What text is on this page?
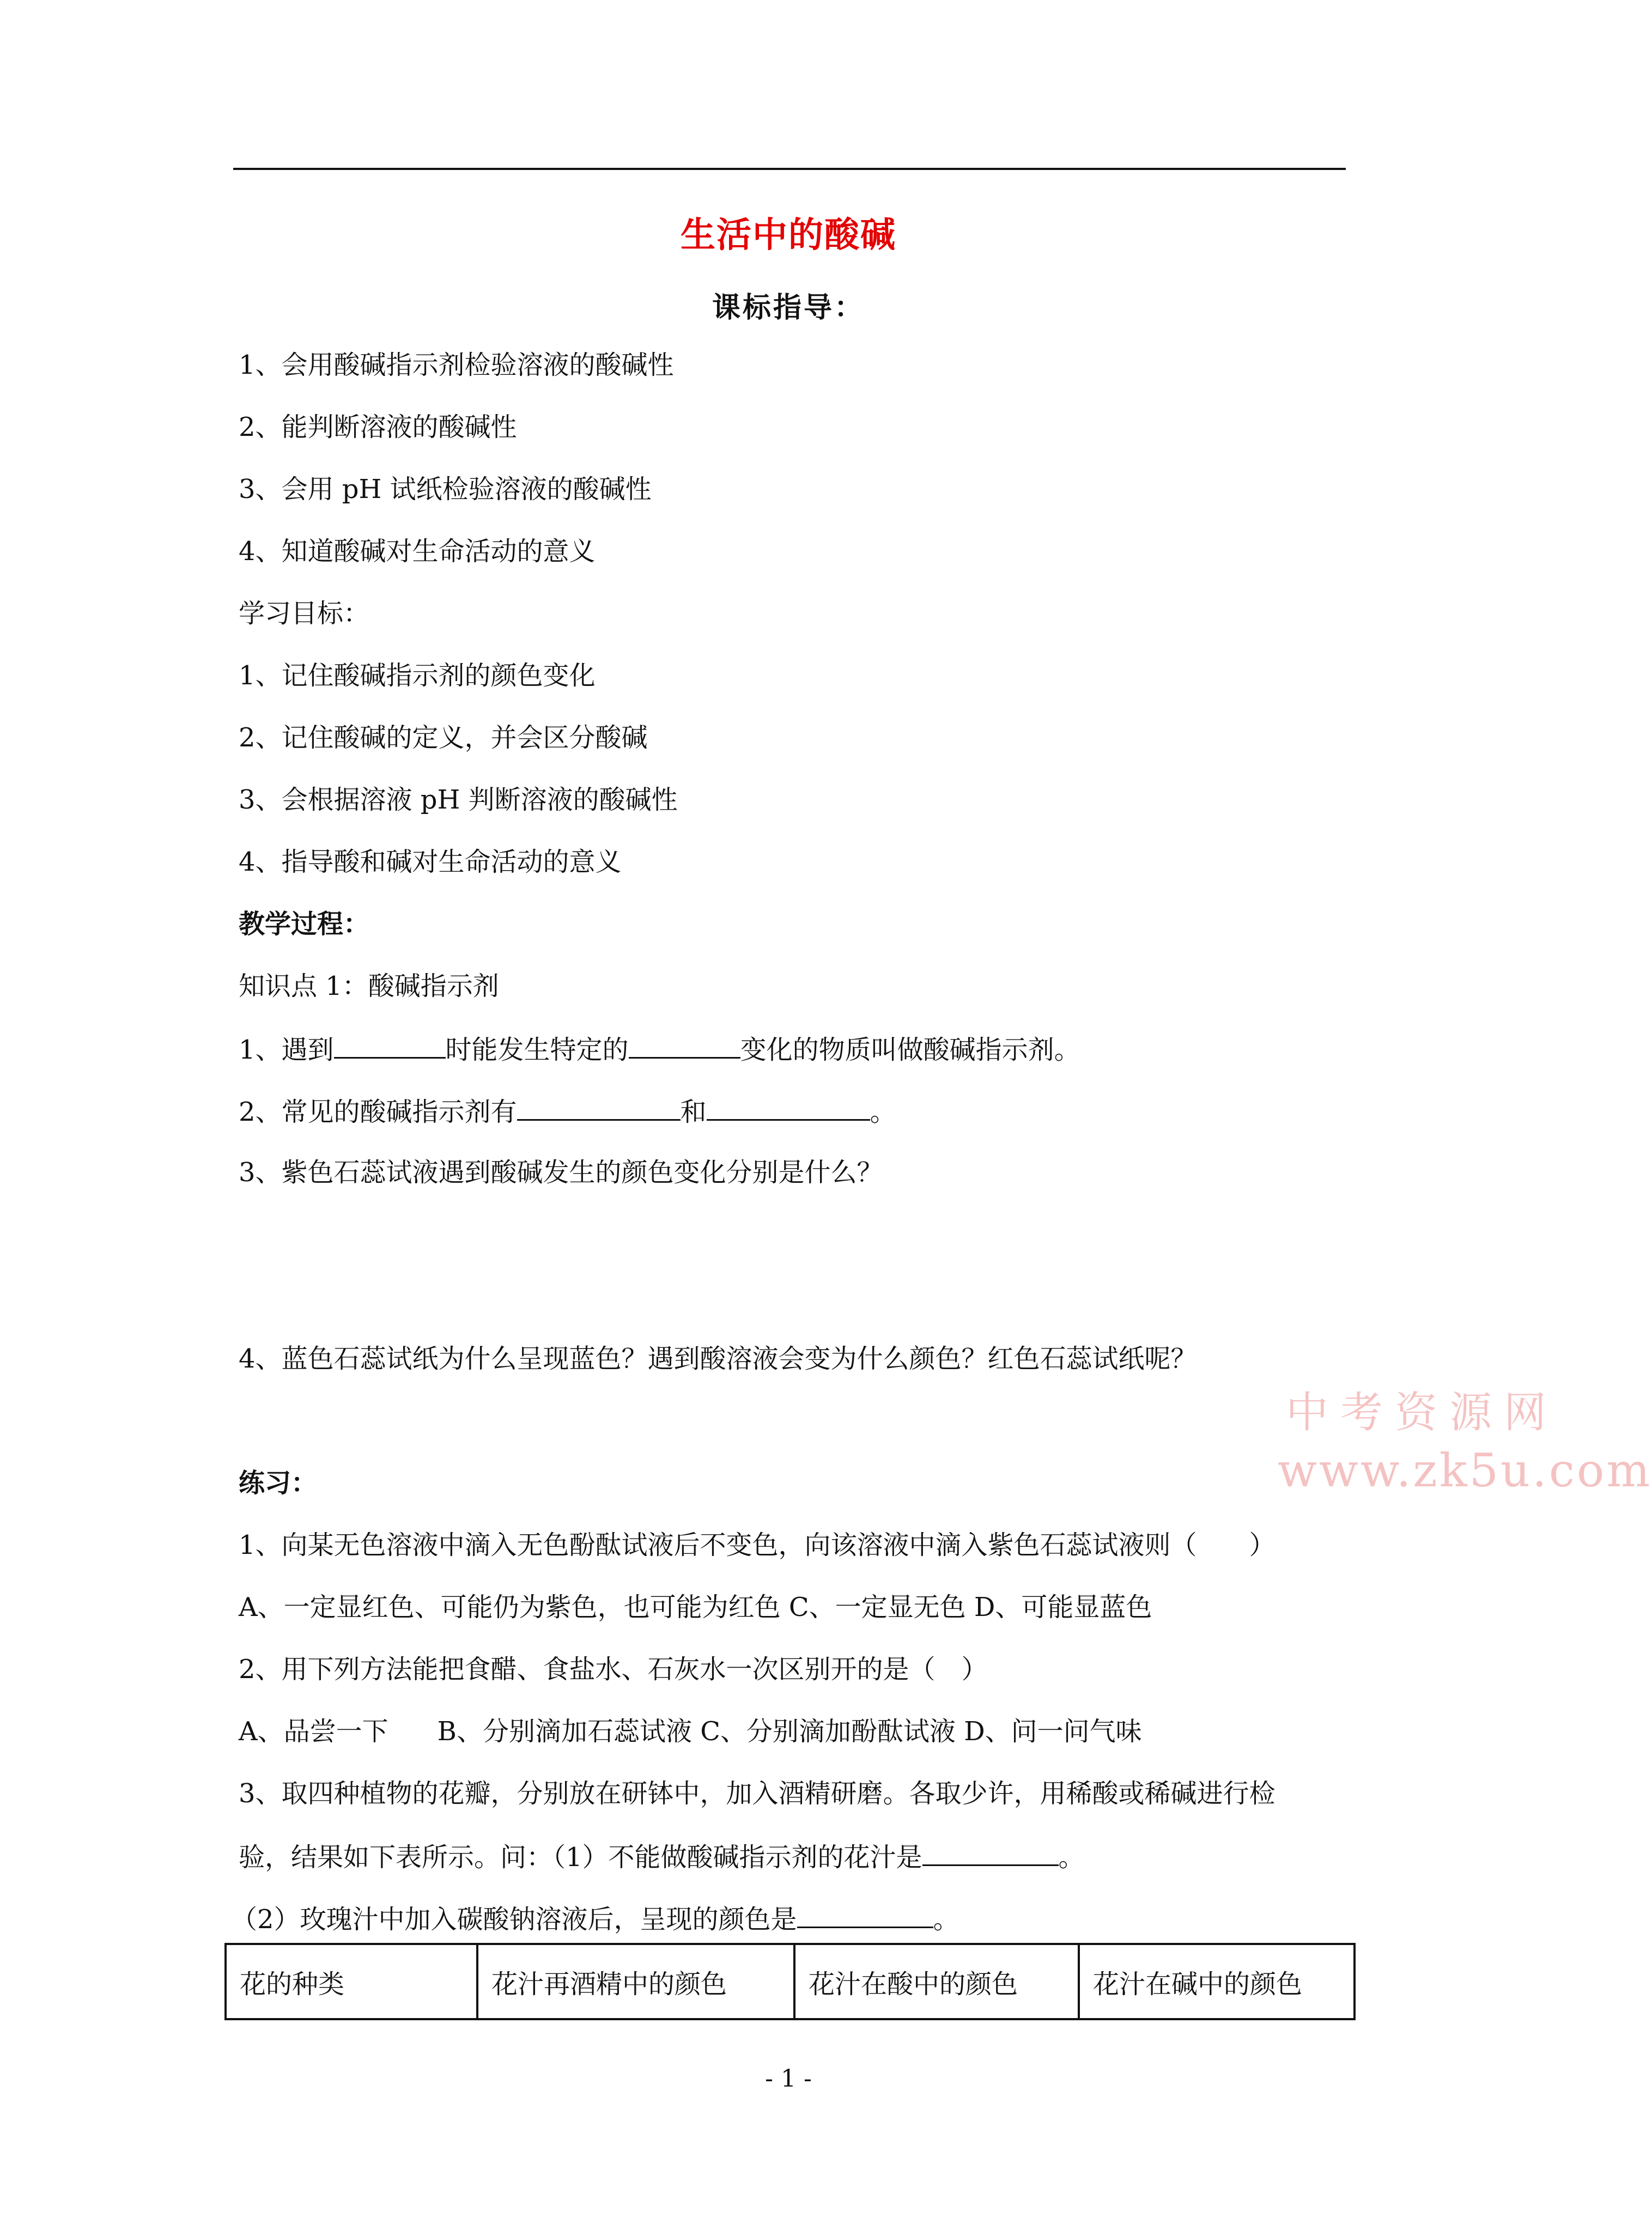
生活中的酸碱
课标指导：
1、会用酸碱指示剂检验溶液的酸碱性
2、能判断溶液的酸碱性
3、会用 pH 试纸检验溶液的酸碱性
4、知道酸碱对生命活动的意义
学习目标：
1、记住酸碱指示剂的颜色变化
2、记住酸碱的定义，并会区分酸碱
3、会根据溶液 pH 判断溶液的酸碱性
4、指导酸和碱对生命活动的意义
教学过程：
知识点 1：酸碱指示剂
1、遇到	时能发生特定的	变化的物质叫做酸碱指示剂。
2、常见的酸碱指示剂有	和	。
3、紫色石蕊试液遇到酸碱发生的颜色变化分别是什么？
4、蓝色石蕊试纸为什么呈现蓝色？遇到酸溶液会变为什么颜色？红色石蕊试纸呢？
中考资源网
www.zk5u.com
练习：
1、向某无色溶液中滴入无色酚酞试液后不变色，向该溶液中滴入紫色石蕊试液则（　　）
A、一定显红色、可能仍为紫色，也可能为红色 C、一定显无色 D、可能显蓝色
2、用下列方法能把食醋、食盐水、石灰水一次区别开的是（　）
A、品尝一下 B、分别滴加石蕊试液 C、分别滴加酚酞试液 D、问一问气味
3、取四种植物的花瓣，分别放在研钵中，加入酒精研磨。各取少许，用稀酸或稀碱进行检
验，结果如下表所示。问：（1）不能做酸碱指示剂的花汁是	。
（2）玫瑰汁中加入碳酸钠溶液后，呈现的颜色是	。
花的种类	花汁再酒精中的颜色	花汁在酸中的颜色	花汁在碱中的颜色
- 1 -
